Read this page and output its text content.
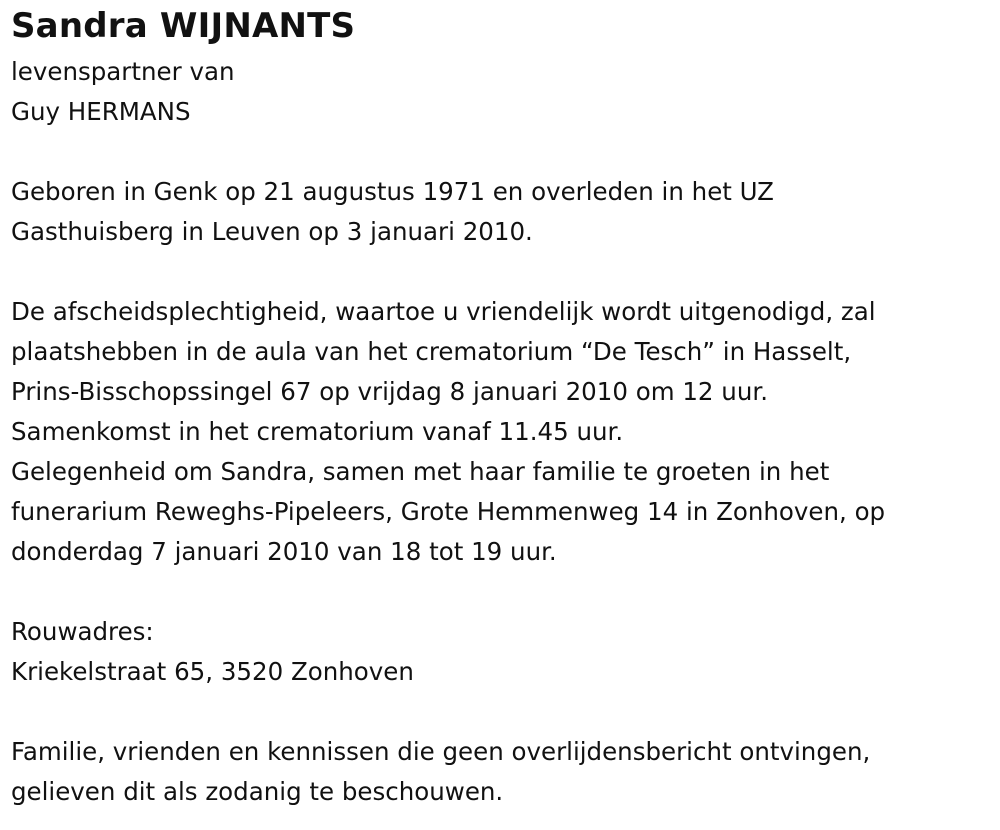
Sandra WIJNANTS

levenspartner van

Guy HERMANS

Geboren in Genk op 21 augustus 1971 en overleden in het UZ

Gasthuisberg in Leuven op 3 januari 2010.

De afscheidsplechtigheid, waartoe u vriendelijk wordt uitgenodigd, zal

plaatshebben in de aula van het crematorium “De Tesch” in Hasselt,

Prins-Bisschopssingel 67 op vrijdag 8 januari 2010 om 12 uur.

Samenkomst in het crematorium vanaf 11.45 uur.

Gelegenheid om Sandra, samen met haar familie te groeten in het

funerarium Reweghs-Pipeleers, Grote Hemmenweg 14 in Zonhoven, op

donderdag 7 januari 2010 van 18 tot 19 uur.

Rouwadres:

Kriekelstraat 65, 3520 Zonhoven

Familie, vrienden en kennissen die geen overlijdensbericht ontvingen,

gelieven dit als zodanig te beschouwen.
